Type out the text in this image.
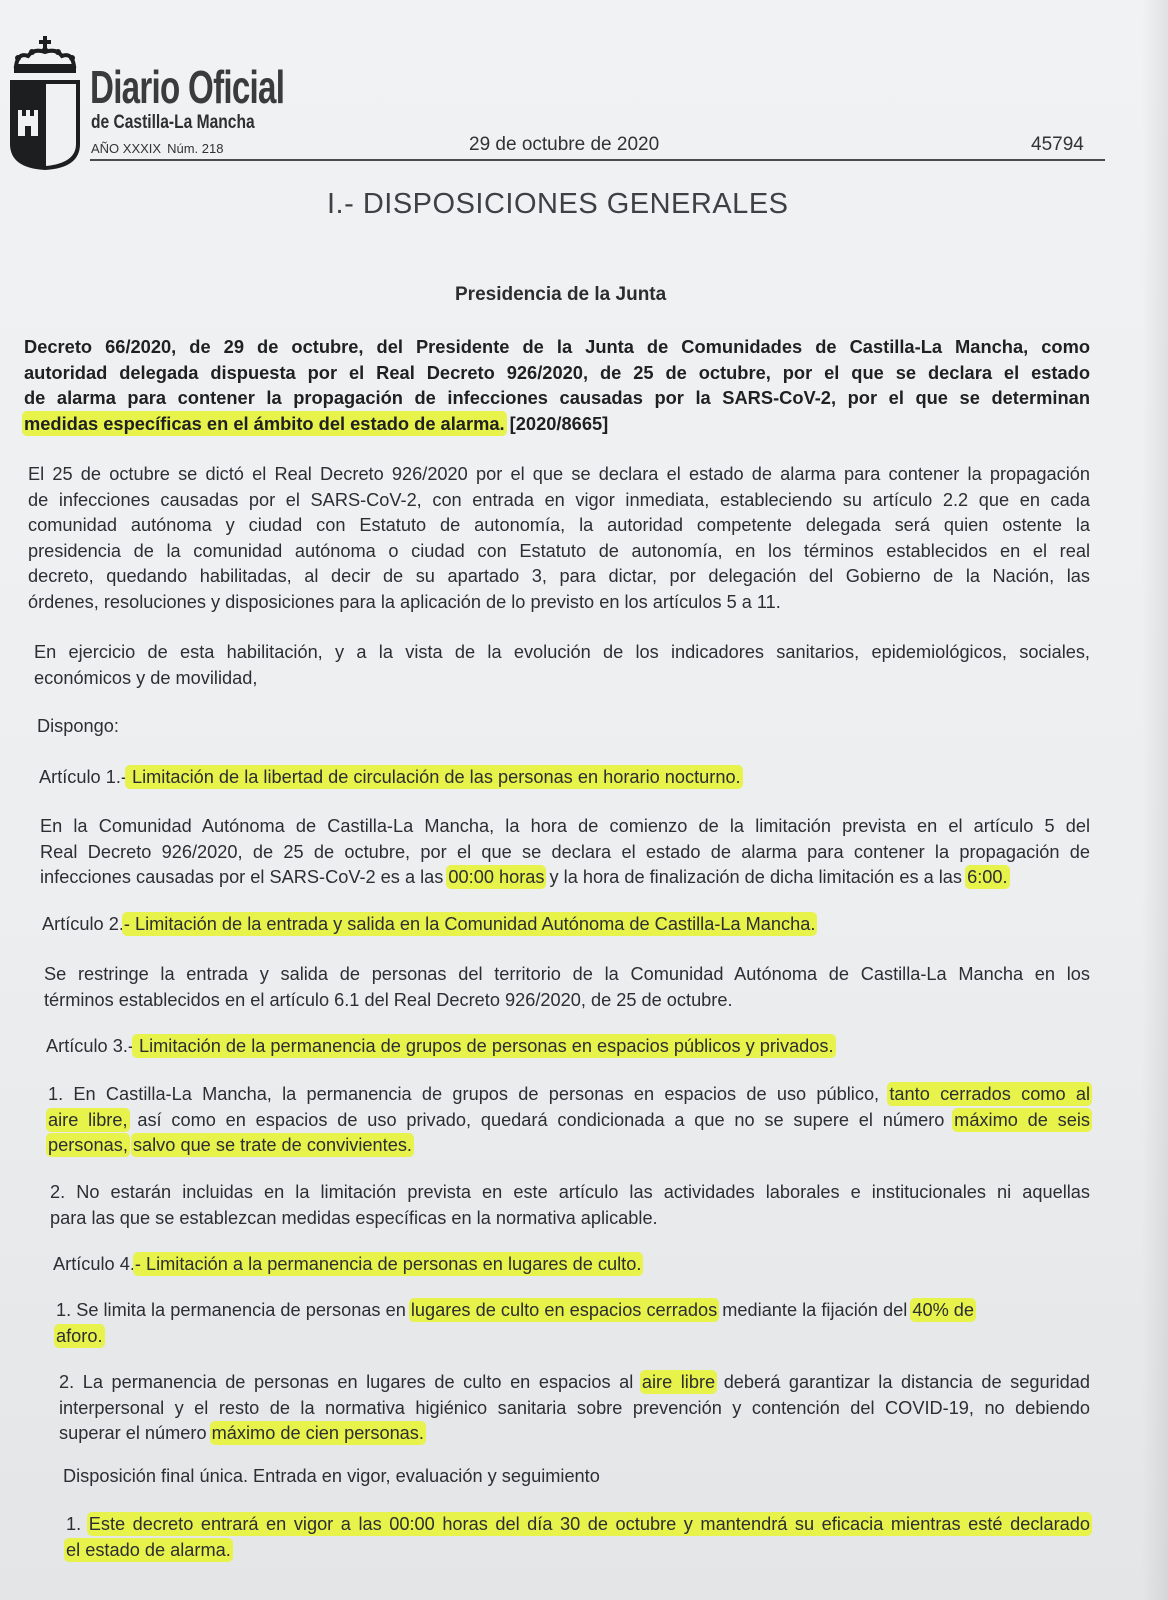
Diario Oficial
de Castilla-La Mancha
AÑO XXXIX Núm. 218	29 de octubre de 2020	45794
I.- DISPOSICIONES GENERALES
Presidencia de la Junta
Decreto 66/2020, de 29 de octubre, del Presidente de la Junta de Comunidades de Castilla-La Mancha, como
autoridad delegada dispuesta por el Real Decreto 926/2020, de 25 de octubre, por el que se declara el estado
de alarma para contener la propagación de infecciones causadas por la SARS-CoV-2, por el que se determinan
medidas específicas en el ámbito del estado de alarma. [2020/8665]
El 25 de octubre se dictó el Real Decreto 926/2020 por el que se declara el estado de alarma para contener la propagación
de infecciones causadas por el SARS-CoV-2, con entrada en vigor inmediata, estableciendo su artículo 2.2 que en cada
comunidad autónoma y ciudad con Estatuto de autonomía, la autoridad competente delegada será quien ostente la
presidencia de la comunidad autónoma o ciudad con Estatuto de autonomía, en los términos establecidos en el real
decreto, quedando habilitadas, al decir de su apartado 3, para dictar, por delegación del Gobierno de la Nación, las
órdenes, resoluciones y disposiciones para la aplicación de lo previsto en los artículos 5 a 11.
En ejercicio de esta habilitación, y a la vista de la evolución de los indicadores sanitarios, epidemiológicos, sociales,
económicos y de movilidad,
Dispongo:
Artículo 1.- Limitación de la libertad de circulación de las personas en horario nocturno.
En la Comunidad Autónoma de Castilla-La Mancha, la hora de comienzo de la limitación prevista en el artículo 5 del
Real Decreto 926/2020, de 25 de octubre, por el que se declara el estado de alarma para contener la propagación de
infecciones causadas por el SARS-CoV-2 es a las 00:00 horas y la hora de finalización de dicha limitación es a las 6:00.
Artículo 2.- Limitación de la entrada y salida en la Comunidad Autónoma de Castilla-La Mancha.
Se restringe la entrada y salida de personas del territorio de la Comunidad Autónoma de Castilla-La Mancha en los
términos establecidos en el artículo 6.1 del Real Decreto 926/2020, de 25 de octubre.
Artículo 3.- Limitación de la permanencia de grupos de personas en espacios públicos y privados.
1. En Castilla-La Mancha, la permanencia de grupos de personas en espacios de uso público, tanto cerrados como al
aire libre, así como en espacios de uso privado, quedará condicionada a que no se supere el número máximo de seis
personas, salvo que se trate de convivientes.
2. No estarán incluidas en la limitación prevista en este artículo las actividades laborales e institucionales ni aquellas
para las que se establezcan medidas específicas en la normativa aplicable.
Artículo 4.- Limitación a la permanencia de personas en lugares de culto.
1. Se limita la permanencia de personas en lugares de culto en espacios cerrados mediante la fijación del 40% de
aforo.
2. La permanencia de personas en lugares de culto en espacios al aire libre deberá garantizar la distancia de seguridad
interpersonal y el resto de la normativa higiénico sanitaria sobre prevención y contención del COVID-19, no debiendo
superar el número máximo de cien personas.
Disposición final única. Entrada en vigor, evaluación y seguimiento
1. Este decreto entrará en vigor a las 00:00 horas del día 30 de octubre y mantendrá su eficacia mientras esté declarado
el estado de alarma.
